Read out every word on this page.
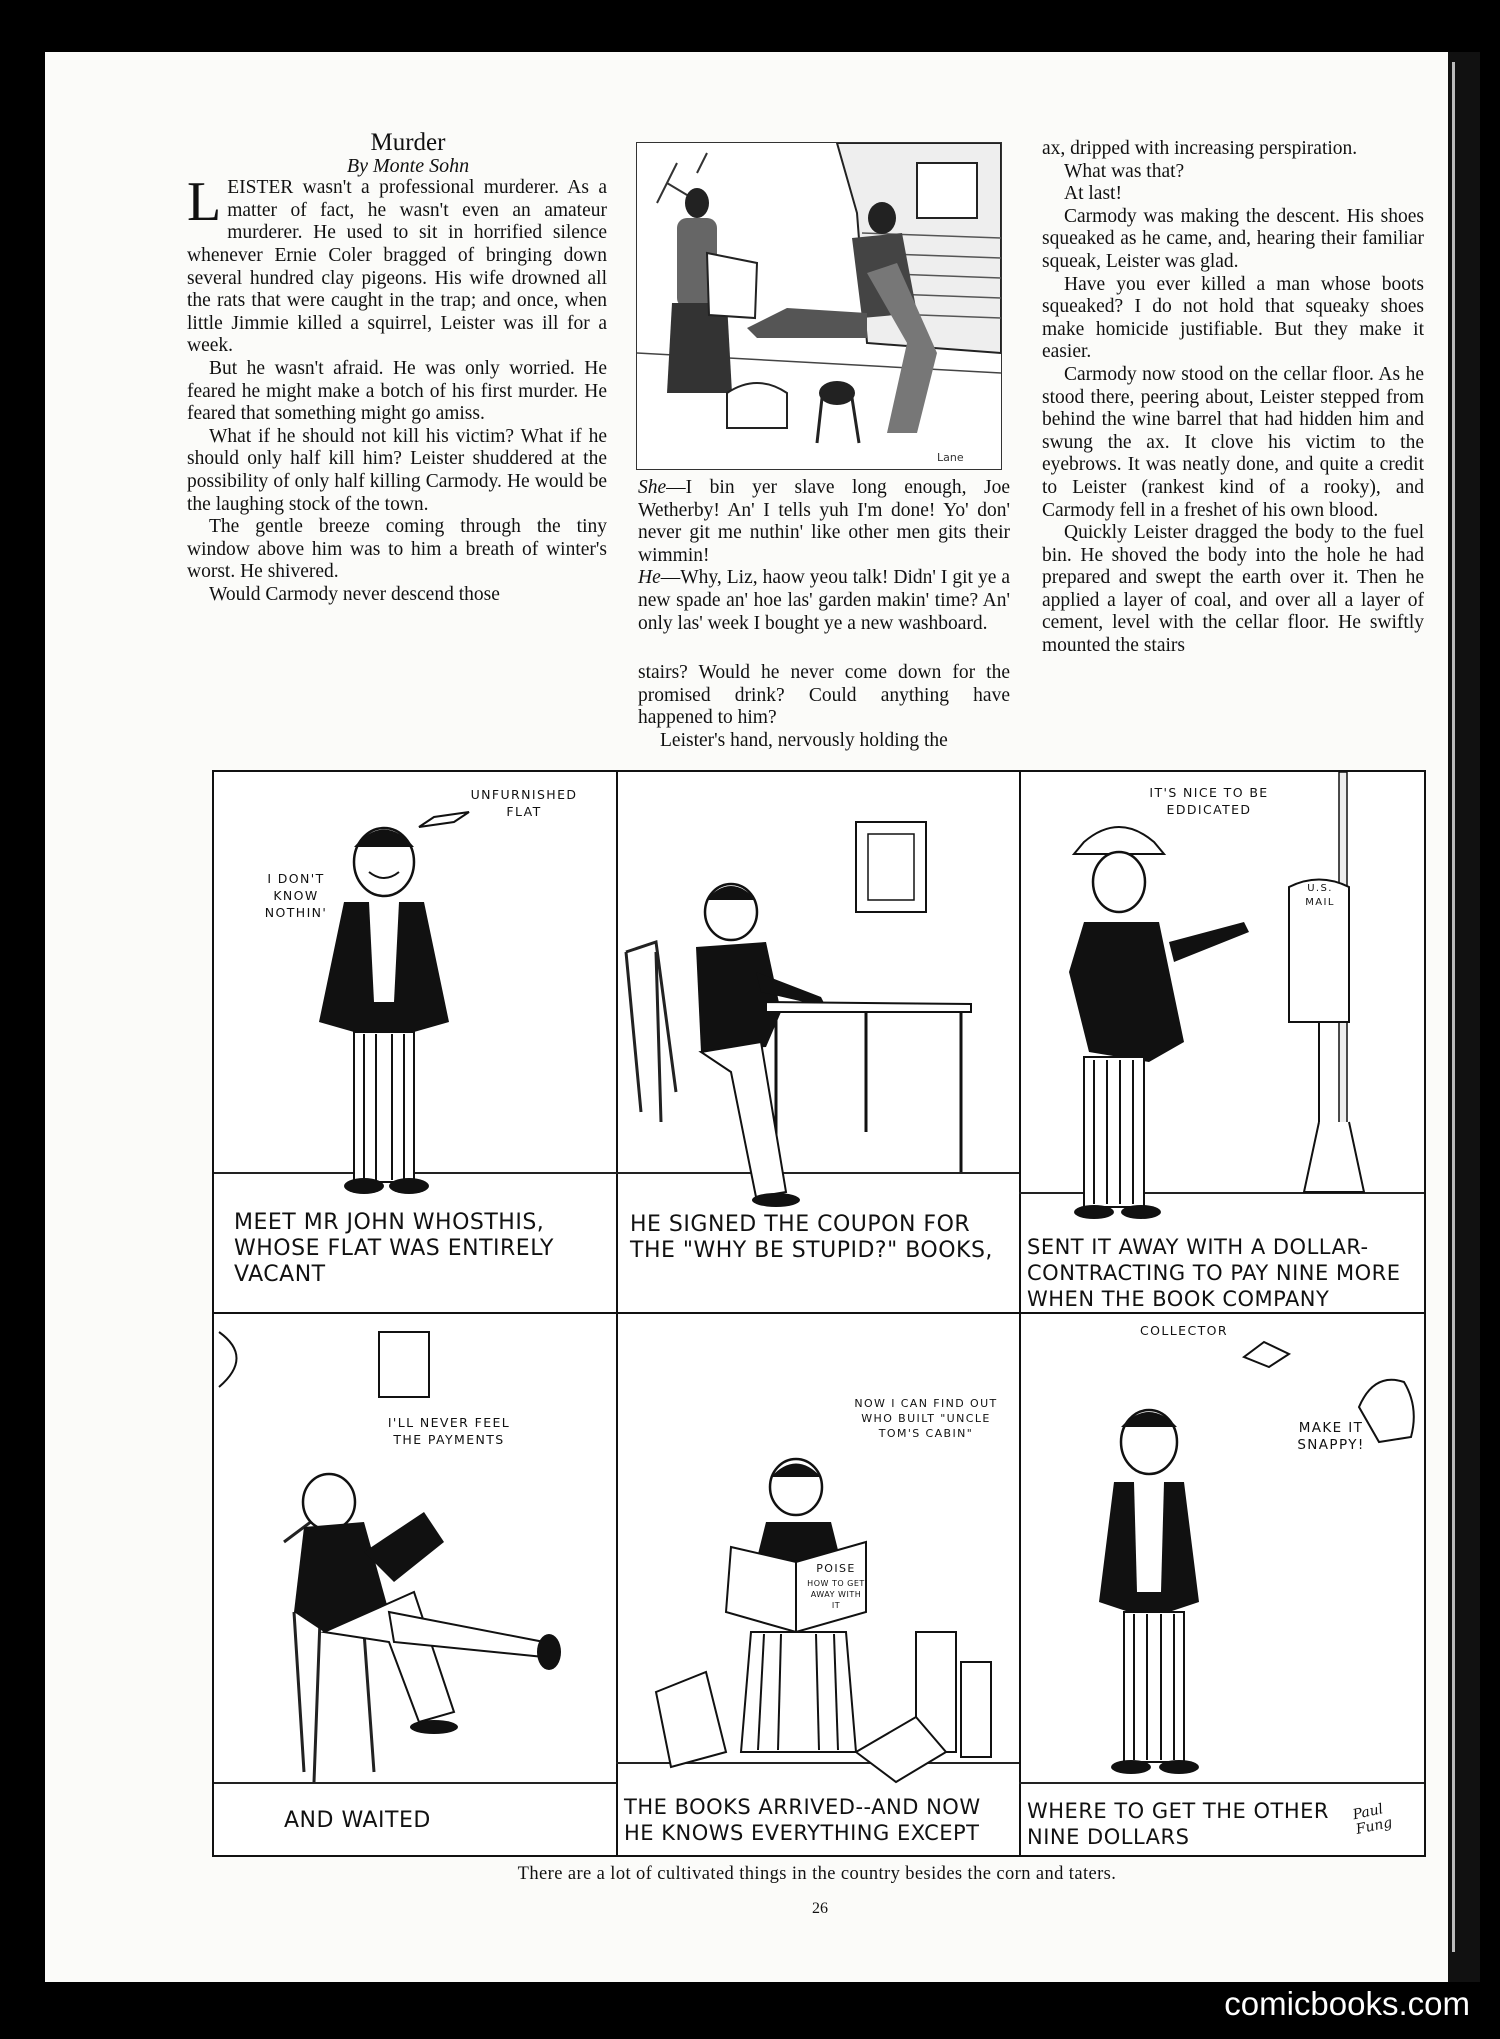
Murder

By Monte Sohn

LEISTER wasn't a professional murderer. As a matter of fact, he wasn't even an amateur murderer. He used to sit in horrified silence whenever Ernie Coler bragged of bringing down several hundred clay pigeons. His wife drowned all the rats that were caught in the trap; and once, when little Jimmie killed a squirrel, Leister was ill for a week.

But he wasn't afraid. He was only worried. He feared he might make a botch of his first murder. He feared that something might go amiss.

What if he should not kill his victim? What if he should only half kill him? Leister shuddered at the possibility of only half killing Carmody. He would be the laughing stock of the town.

The gentle breeze coming through the tiny window above him was to him a breath of winter's worst. He shivered.

Would Carmody never descend those

Lane

She—I bin yer slave long enough, Joe Wetherby! An' I tells yuh I'm done! Yo' don' never git me nuthin' like other men gits their wimmin!

He—Why, Liz, haow yeou talk! Didn' I git ye a new spade an' hoe las' garden makin' time? An' only las' week I bought ye a new washboard.

stairs? Would he never come down for the promised drink? Could anything have happened to him?

Leister's hand, nervously holding the

ax, dripped with increasing perspiration.

What was that?

At last!

Carmody was making the descent. His shoes squeaked as he came, and, hearing their familiar squeak, Leister was glad.

Have you ever killed a man whose boots squeaked? I do not hold that squeaky shoes make homicide justifiable. But they make it easier.

Carmody now stood on the cellar floor. As he stood there, peering about, Leister stepped from behind the wine barrel that had hidden him and swung the ax. It clove his victim to the eyebrows. It was neatly done, and quite a credit to Leister (rankest kind of a rooky), and Carmody fell in a freshet of his own blood.

Quickly Leister dragged the body to the fuel bin. He shoved the body into the hole he had prepared and swept the earth over it. Then he applied a layer of coal, and over all a layer of cement, level with the cellar floor. He swiftly mounted the stairs

UNFURNISHED FLAT
I DON'T KNOW NOTHIN'
MEET MR JOHN WHOSTHIS, WHOSE FLAT WAS ENTIRELY VACANT
HE SIGNED THE COUPON FOR THE "WHY BE STUPID?" BOOKS,
IT'S NICE TO BE EDDICATED
U.S. MAIL
SENT IT AWAY WITH A DOLLAR-CONTRACTING TO PAY NINE MORE WHEN THE BOOK COMPANY
I'LL NEVER FEEL THE PAYMENTS
AND WAITED
NOW I CAN FIND OUT WHO BUILT "UNCLE TOM'S CABIN"
POISE
HOW TO GET AWAY WITH IT
THE BOOKS ARRIVED--AND NOW HE KNOWS EVERYTHING EXCEPT
COLLECTOR
MAKE IT SNAPPY!
WHERE TO GET THE OTHER NINE DOLLARS
Paul Fung
There are a lot of cultivated things in the country besides the corn and taters.
26
comicbooks.com
